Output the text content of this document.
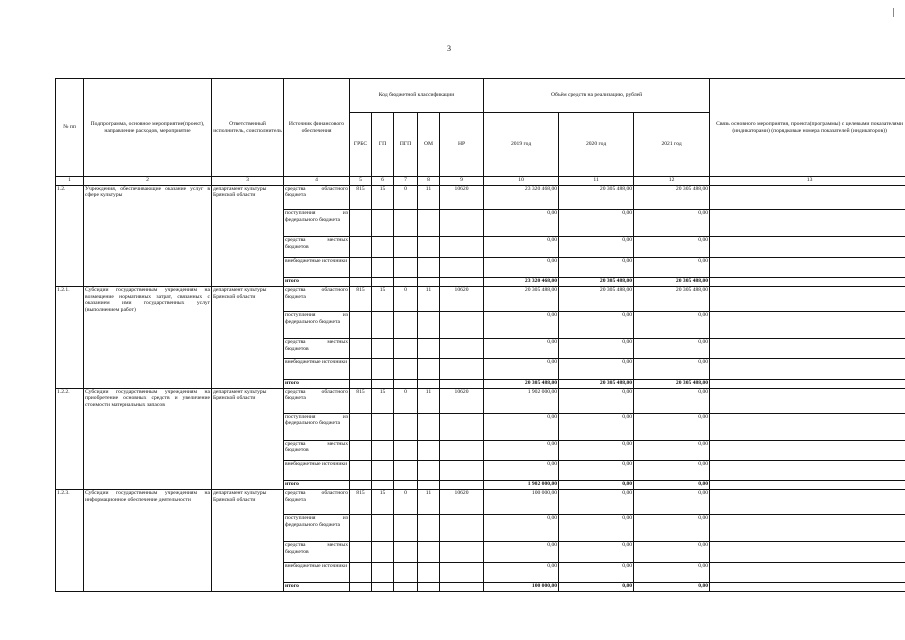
3
№ пп	Подпрограмма, основное мероприятие(проект), направление расходов, мероприятие	Ответственный исполнитель, соисполнитель	Источник финансового обеспечения	Код бюджетной классификации					Объём средств на реализацию, рублей			Связь основного мероприятия, проекта(программы) с целевыми показателями (индикаторами) (порядковые номера показателей (индикаторов))
				ГРБС	ГП	ПГП	ОМ	НР	2019 год	2020 год	2021 год	
1	2	3	4	5	6	7	8	9	10	11	12	13
1.2.	Учреждения, обеспечивающие оказание услуг в сфере культуры	департамент культуры Брянской области	средства областного бюджета	815	15	0	11	10620	23 320 468,00	20 305 488,00	20 305 488,00	
			поступления из федерального бюджета						0,00	0,00	0,00	
			средства местных бюджетов						0,00	0,00	0,00	
			внебюджетные источники						0,00	0,00	0,00	
			итого						23 320 468,00	20 305 488,00	20 305 488,00	
1.2.1.	Субсидии государственным учреждениям на возмещение нормативных затрат, связанных с оказанием ими государственных услуг (выполнением работ)	департамент культуры Брянской области	средства областного бюджета	815	15	0	11	10620	20 305 488,00	20 305 488,00	20 305 488,00	
			поступления из федерального бюджета						0,00	0,00	0,00	
			средства местных бюджетов						0,00	0,00	0,00	
			внебюджетные источники						0,00	0,00	0,00	
			итого						20 305 488,00	20 305 488,00	20 305 488,00	
1.2.2.	Субсидии государственным учреждениям на приобретение основных средств и увеличение стоимости материальных запасов	департамент культуры Брянской области	средства областного бюджета	815	15	0	11	10620	1 902 000,00	0,00	0,00	
			поступления из федерального бюджета						0,00	0,00	0,00	
			средства местных бюджетов						0,00	0,00	0,00	
			внебюджетные источники						0,00	0,00	0,00	
			итого						1 902 000,00	0,00	0,00	
1.2.3.	Субсидии государственным учреждениям на информационное обеспечение деятельности	департамент культуры Брянской области	средства областного бюджета	815	15	0	11	10620	100 000,00	0,00	0,00	
			поступления из федерального бюджета						0,00	0,00	0,00	
			средства местных бюджетов						0,00	0,00	0,00	
			внебюджетные источники						0,00	0,00	0,00	
			итого						100 000,00	0,00	0,00	
